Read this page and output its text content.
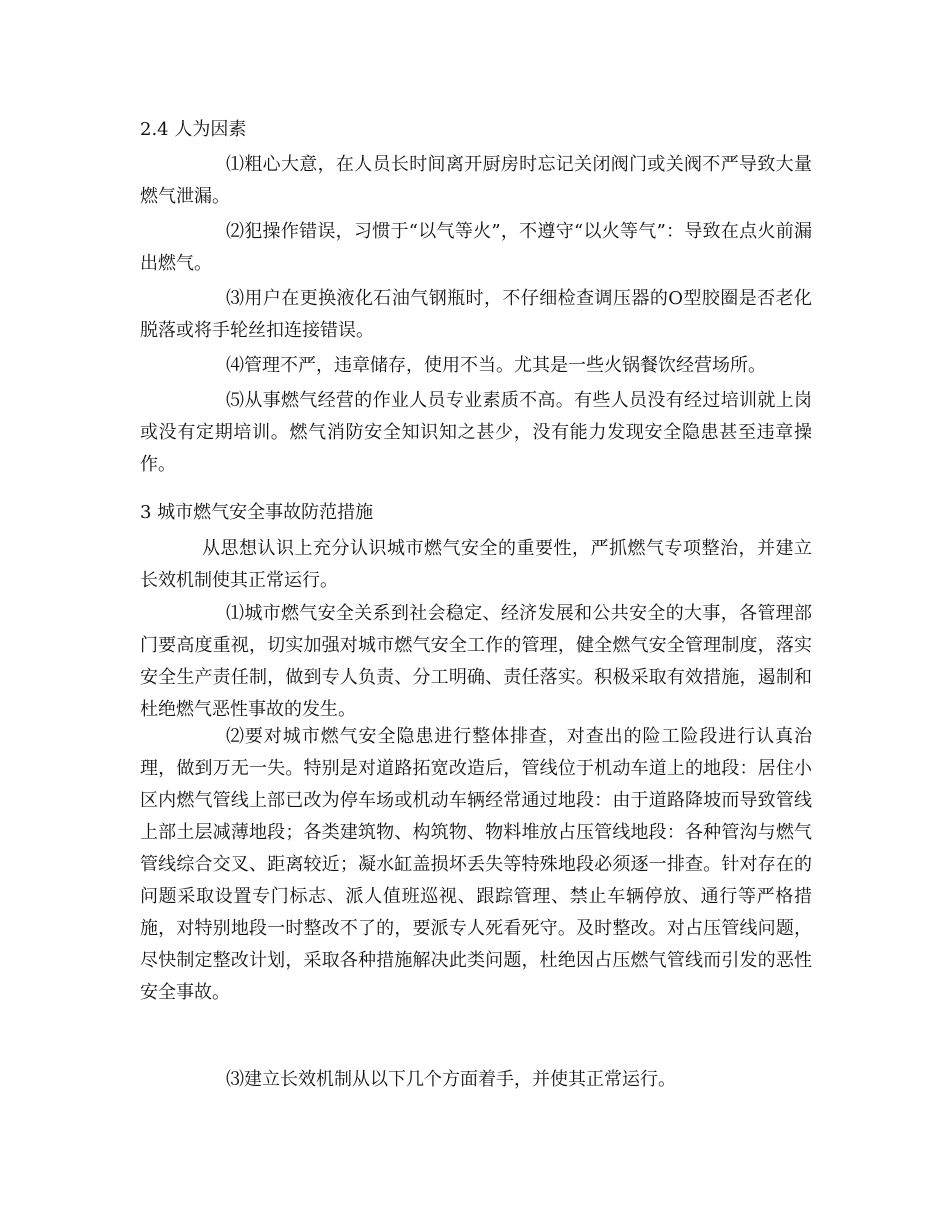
2.4 人为因素

⑴粗心大意，在人员长时间离开厨房时忘记关闭阀门或关阀不严导致大量燃气泄漏。

⑵犯操作错误，习惯于“以气等火”，不遵守“以火等气”：导致在点火前漏出燃气。

⑶用户在更换液化石油气钢瓶时，不仔细检查调压器的O型胶圈是否老化脱落或将手轮丝扣连接错误。

⑷管理不严，违章储存，使用不当。尤其是一些火锅餐饮经营场所。

⑸从事燃气经营的作业人员专业素质不高。有些人员没有经过培训就上岗或没有定期培训。燃气消防安全知识知之甚少，没有能力发现安全隐患甚至违章操作。

3 城市燃气安全事故防范措施

从思想认识上充分认识城市燃气安全的重要性，严抓燃气专项整治，并建立长效机制使其正常运行。

⑴城市燃气安全关系到社会稳定、经济发展和公共安全的大事，各管理部门要高度重视，切实加强对城市燃气安全工作的管理，健全燃气安全管理制度，落实安全生产责任制，做到专人负责、分工明确、责任落实。积极采取有效措施，遏制和杜绝燃气恶性事故的发生。

⑵要对城市燃气安全隐患进行整体排查，对查出的险工险段进行认真治理，做到万无一失。特别是对道路拓宽改造后，管线位于机动车道上的地段：居住小区内燃气管线上部已改为停车场或机动车辆经常通过地段：由于道路降坡而导致管线上部土层减薄地段；各类建筑物、构筑物、物料堆放占压管线地段：各种管沟与燃气管线综合交叉、距离较近；凝水缸盖损坏丢失等特殊地段必须逐一排查。针对存在的问题采取设置专门标志、派人值班巡视、跟踪管理、禁止车辆停放、通行等严格措施，对特别地段一时整改不了的，要派专人死看死守。及时整改。对占压管线问题，尽快制定整改计划，采取各种措施解决此类问题，杜绝因占压燃气管线而引发的恶性安全事故。

⑶建立长效机制从以下几个方面着手，并使其正常运行。
